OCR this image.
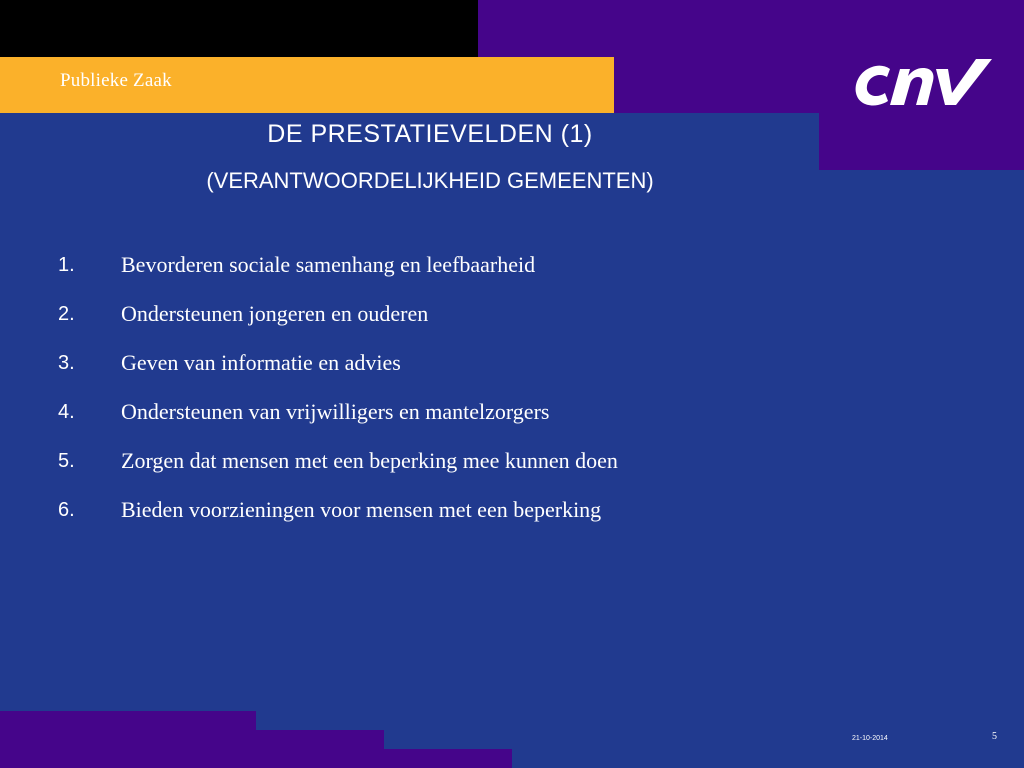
Publieke Zaak
DE PRESTATIEVELDEN (1)
(VERANTWOORDELIJKHEID GEMEENTEN)
1.	Bevorderen sociale samenhang en leefbaarheid
2.	Ondersteunen jongeren en ouderen
3.	Geven van informatie en advies
4.	Ondersteunen van vrijwilligers en mantelzorgers
5.	Zorgen dat mensen met een beperking mee kunnen doen
6.	Bieden voorzieningen voor mensen met een beperking
21-10-2014	5
